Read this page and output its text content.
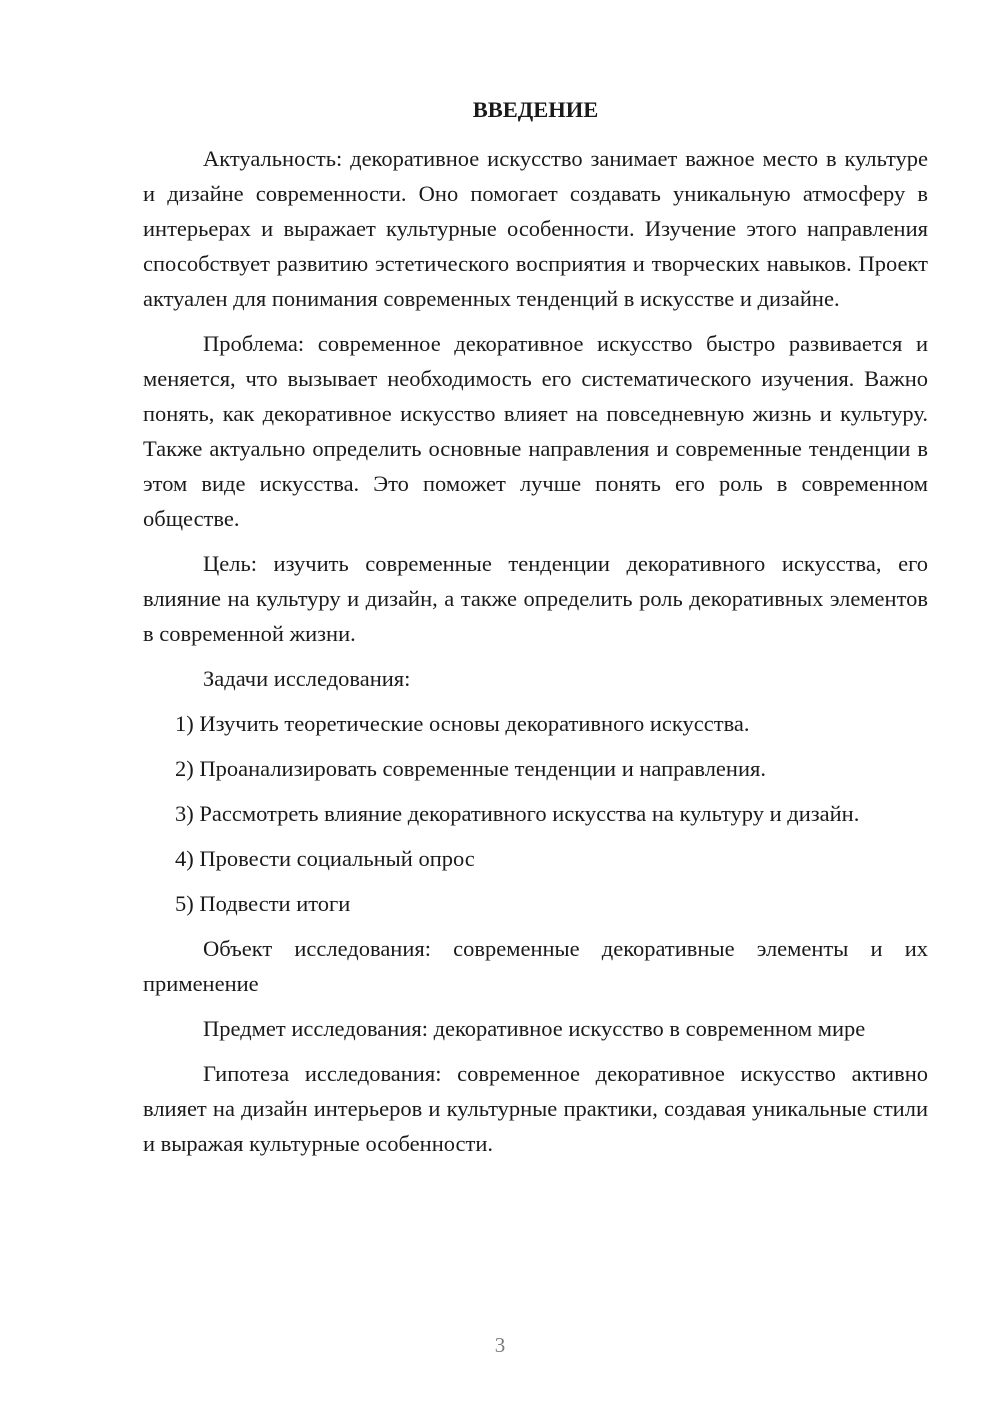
ВВЕДЕНИЕ

Актуальность: декоративное искусство занимает важное место в культуре и дизайне современности. Оно помогает создавать уникальную атмосферу в интерьерах и выражает культурные особенности. Изучение этого направления способствует развитию эстетического восприятия и творческих навыков. Проект актуален для понимания современных тенденций в искусстве и дизайне.

Проблема: современное декоративное искусство быстро развивается и меняется, что вызывает необходимость его систематического изучения. Важно понять, как декоративное искусство влияет на повседневную жизнь и культуру. Также актуально определить основные направления и современные тенденции в этом виде искусства. Это поможет лучше понять его роль в современном обществе.

Цель: изучить современные тенденции декоративного искусства, его влияние на культуру и дизайн, а также определить роль декоративных элементов в современной жизни.

Задачи исследования:

1) Изучить теоретические основы декоративного искусства.

2) Проанализировать современные тенденции и направления.

3) Рассмотреть влияние декоративного искусства на культуру и дизайн.

4) Провести социальный опрос

5) Подвести итоги

Объект исследования: современные декоративные элементы и их применение

Предмет исследования: декоративное искусство в современном мире

Гипотеза исследования: современное декоративное искусство активно влияет на дизайн интерьеров и культурные практики, создавая уникальные стили и выражая культурные особенности.

3
